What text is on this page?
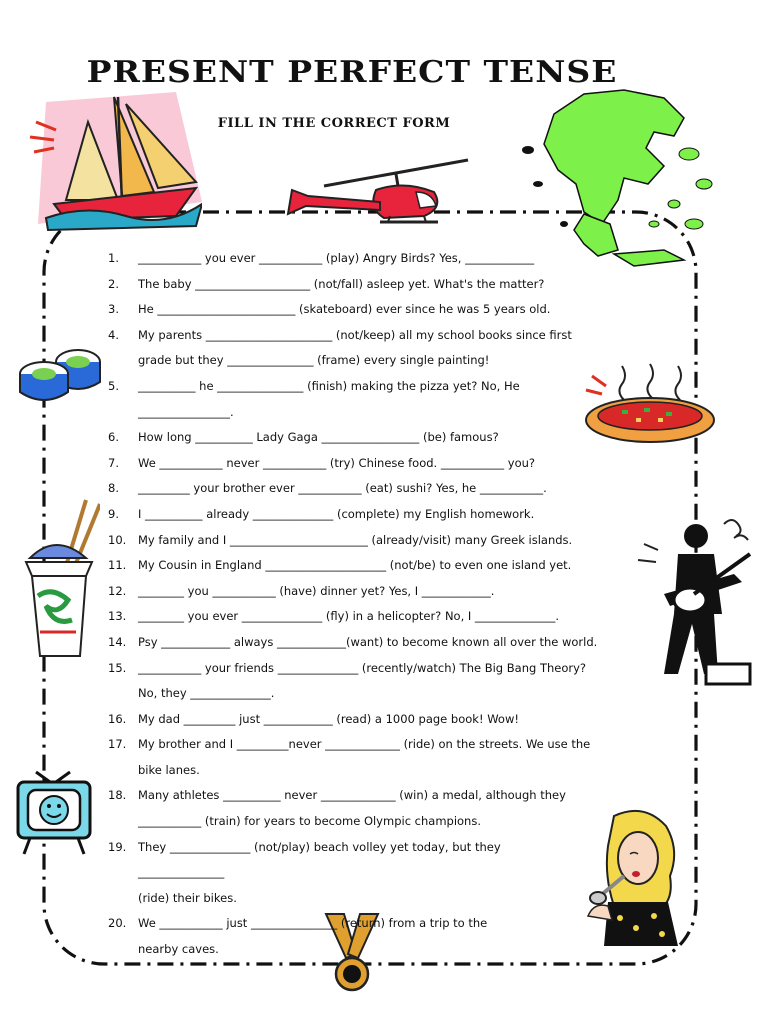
PRESENT PERFECT TENSE
FILL IN THE CORRECT FORM
1.	___________ you ever ___________ (play) Angry Birds? Yes, ____________
2.	The baby ____________________ (not/fall) asleep yet. What's the matter?
3.	He ________________________ (skateboard) ever since he was 5 years old.
4.	My parents ______________________ (not/keep) all my school books since first
grade but they _______________ (frame) every single painting!
5.	__________ he _______________ (finish) making the pizza yet? No, He
________________.
6.	How long __________ Lady Gaga _________________ (be) famous?
7.	We ___________ never ___________ (try) Chinese food. ___________ you?
8.	_________ your brother ever ___________ (eat) sushi? Yes, he ___________.
9.	I __________ already ______________ (complete) my English homework.
10.	My family and I ________________________ (already/visit) many Greek islands.
11.	My Cousin in England _____________________ (not/be) to even one island yet.
12.	________ you ___________ (have) dinner yet? Yes, I ____________.
13.	________ you ever ______________ (fly) in a helicopter? No, I ______________.
14.	Psy ____________ always ____________(want) to become known all over the world.
15.	___________ your friends ______________ (recently/watch) The Big Bang Theory?
No, they ______________.
16.	My dad _________ just ____________ (read) a 1000 page book! Wow!
17.	My brother and I _________never _____________ (ride) on the streets. We use the
bike lanes.
18.	Many athletes __________ never _____________ (win) a medal, although they
___________ (train) for years to become Olympic champions.
19.	They ______________ (not/play) beach volley yet today, but they
_______________
(ride) their bikes.
20.	We ___________ just _______________ (return) from a trip to the
nearby caves.
